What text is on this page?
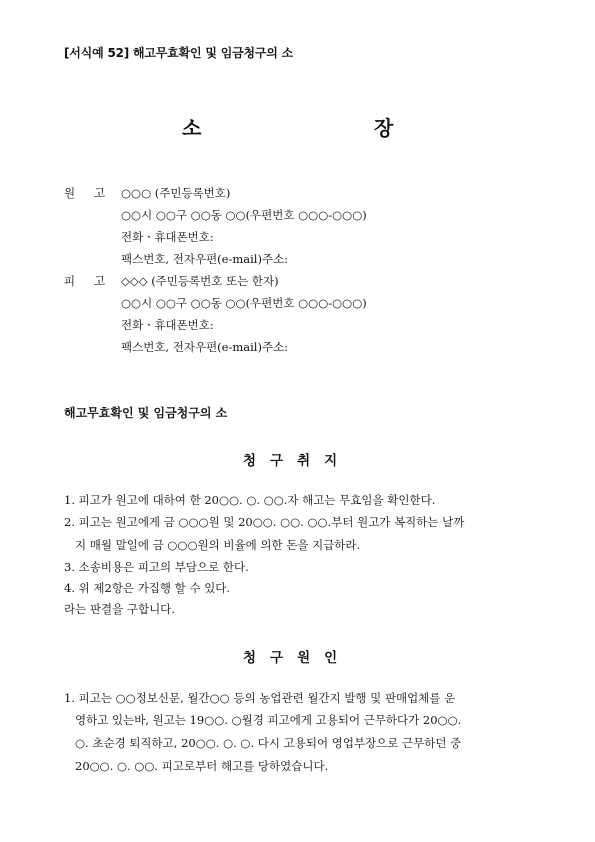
[서식예 52] 해고무효확인 및 임금청구의 소
소	장
원 고 ○○○ (주민등록번호)
○○시 ○○구 ○○동 ○○(우편번호 ○○○-○○○)
전화ㆍ휴대폰번호:
팩스번호, 전자우편(e-mail)주소:
피 고 ◇◇◇ (주민등록번호 또는 한자)
○○시 ○○구 ○○동 ○○(우편번호 ○○○-○○○)
전화ㆍ휴대폰번호:
팩스번호, 전자우편(e-mail)주소:
해고무효확인 및 임금청구의 소
청구취지
1. 피고가 원고에 대하여 한 20○○. ○. ○○.자 해고는 무효임을 확인한다.
2. 피고는 원고에게 금 ○○○원 및 20○○. ○○. ○○.부터 원고가 복직하는 날까
지 매월 말일에 금 ○○○원의 비율에 의한 돈을 지급하라.
3. 소송비용은 피고의 부담으로 한다.
4. 위 제2항은 가집행 할 수 있다.
라는 판결을 구합니다.
청구원인
1. 피고는 ○○정보신문, 월간○○ 등의 농업관련 월간지 발행 및 판매업체를 운
영하고 있는바, 원고는 19○○. ○월경 피고에게 고용되어 근무하다가 20○○.
○. 초순경 퇴직하고, 20○○. ○. ○. 다시 고용되어 영업부장으로 근무하던 중
20○○. ○. ○○. 피고로부터 해고를 당하였습니다.
